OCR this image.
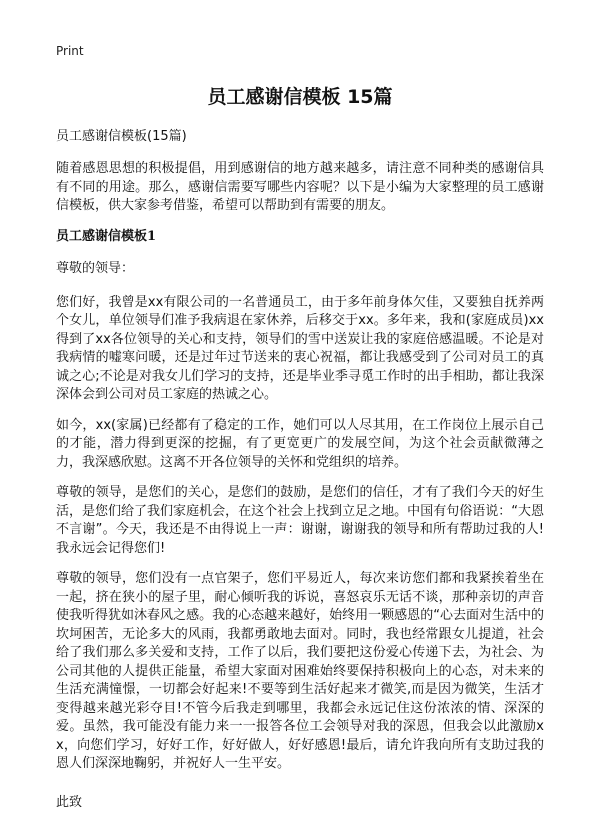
Print
员工感谢信模板 15篇
员工感谢信模板(15篇)

随着感恩思想的积极提倡，用到感谢信的地方越来越多，请注意不同种类的感谢信具有不同的用途。那么，感谢信需要写哪些内容呢？以下是小编为大家整理的员工感谢信模板，供大家参考借鉴，希望可以帮助到有需要的朋友。

员工感谢信模板1
尊敬的领导：

您们好，我曾是xx有限公司的一名普通员工，由于多年前身体欠佳，又要独自抚养两个女儿，单位领导们准予我病退在家休养，后移交于xx。多年来，我和(家庭成员)xx得到了xx各位领导的关心和支持，领导们的雪中送炭让我的家庭倍感温暖。不论是对我病情的嘘寒问暖，还是过年过节送来的衷心祝福，都让我感受到了公司对员工的真诚之心;不论是对我女儿们学习的支持，还是毕业季寻觅工作时的出手相助，都让我深深体会到公司对员工家庭的热诚之心。

如今，xx(家属)已经都有了稳定的工作，她们可以人尽其用，在工作岗位上展示自己的才能，潜力得到更深的挖掘，有了更宽更广的发展空间，为这个社会贡献微薄之力，我深感欣慰。这离不开各位领导的关怀和党组织的培养。

尊敬的领导，是您们的关心，是您们的鼓励，是您们的信任，才有了我们今天的好生活，是您们给了我们家庭机会，在这个社会上找到立足之地。中国有句俗语说：“大恩不言谢”。今天，我还是不由得说上一声：谢谢，谢谢我的领导和所有帮助过我的人!我永远会记得您们!

尊敬的领导，您们没有一点官架子，您们平易近人，每次来访您们都和我紧挨着坐在一起，挤在狭小的屋子里，耐心倾听我的诉说，喜怒哀乐无话不谈，那种亲切的声音使我听得犹如沐春风之感。我的心态越来越好，始终用一颗感恩的“心去面对生活中的坎坷困苦，无论多大的风雨，我都勇敢地去面对。同时，我也经常跟女儿提道，社会给了我们那么多关爱和支持，工作了以后，我们要把这份爱心传递下去，为社会、为公司其他的人提供正能量，希望大家面对困难始终要保持积极向上的心态，对未来的生活充满憧憬，一切都会好起来!不要等到生活好起来才微笑,而是因为微笑，生活才变得越来越光彩夺目!不管今后我走到哪里，我都会永远记住这份浓浓的情、深深的爱。虽然，我可能没有能力来一一报答各位工会领导对我的深恩，但我会以此激励xx，向您们学习，好好工作，好好做人，好好感恩!最后，请允许我向所有支助过我的恩人们深深地鞠躬，并祝好人一生平安。

此致
